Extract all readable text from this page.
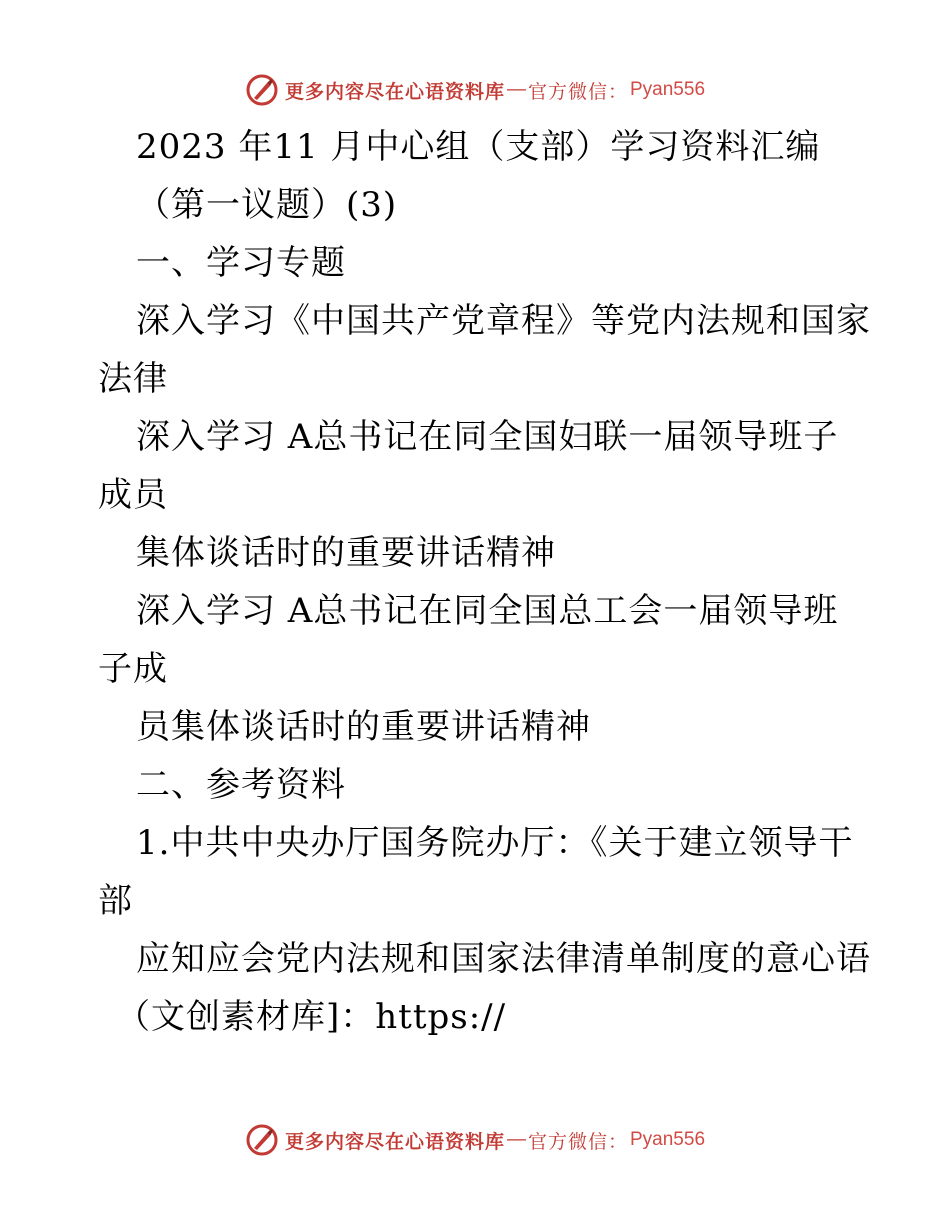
更多内容尽在心语资料库 — 官方微信： Pyan556
2023 年11 月中心组（支部）学习资料汇编
（第一议题）(3)
一、学习专题
深入学习《中国共产党章程》等党内法规和国家
法律
深入学习 A总书记在同全国妇联一届领导班子
成员
集体谈话时的重要讲话精神
深入学习 A总书记在同全国总工会一届领导班
子成
员集体谈话时的重要讲话精神
二、参考资料
1.中共中央办厅国务院办厅：《关于建立领导干
部
应知应会党内法规和国家法律清单制度的意心语
（文创素材库]：https://
更多内容尽在心语资料库 — 官方微信： Pyan556
